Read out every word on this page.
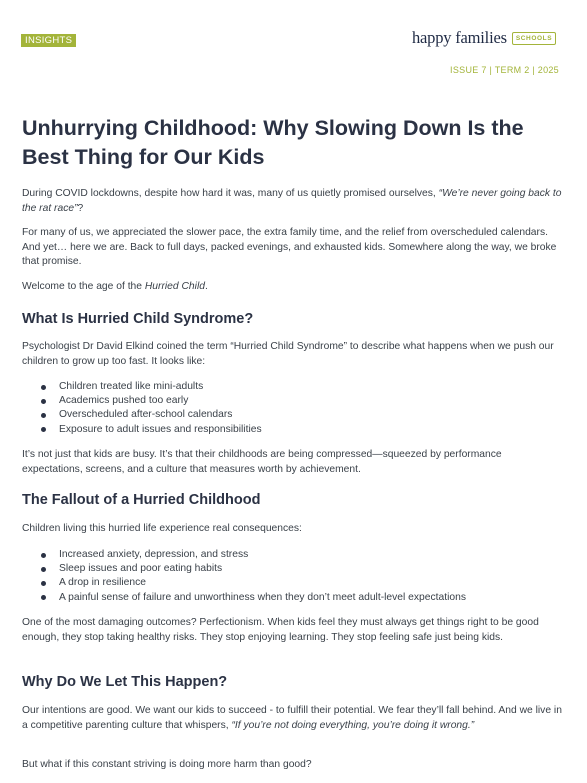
INSIGHTS	happy families	SCHOOLS
ISSUE 7 | TERM 2 | 2025
Unhurrying Childhood: Why Slowing Down Is the Best Thing for Our Kids

During COVID lockdowns, despite how hard it was, many of us quietly promised ourselves, “We’re never going back to the rat race”?

For many of us, we appreciated the slower pace, the extra family time, and the relief from overscheduled calendars. And yet… here we are. Back to full days, packed evenings, and exhausted kids. Somewhere along the way, we broke that promise.

Welcome to the age of the Hurried Child.

What Is Hurried Child Syndrome?

Psychologist Dr David Elkind coined the term “Hurried Child Syndrome” to describe what happens when we push our children to grow up too fast. It looks like:

Children treated like mini-adults
Academics pushed too early
Overscheduled after-school calendars
Exposure to adult issues and responsibilities

It’s not just that kids are busy. It’s that their childhoods are being compressed—squeezed by performance expectations, screens, and a culture that measures worth by achievement.

The Fallout of a Hurried Childhood

Children living this hurried life experience real consequences:

Increased anxiety, depression, and stress
Sleep issues and poor eating habits
A drop in resilience
A painful sense of failure and unworthiness when they don’t meet adult-level expectations

One of the most damaging outcomes? Perfectionism. When kids feel they must always get things right to be good enough, they stop taking healthy risks. They stop enjoying learning. They stop feeling safe just being kids.

Why Do We Let This Happen?

Our intentions are good. We want our kids to succeed - to fulfill their potential. We fear they’ll fall behind. And we live in a competitive parenting culture that whispers, “If you’re not doing everything, you’re doing it wrong.”

But what if this constant striving is doing more harm than good?
